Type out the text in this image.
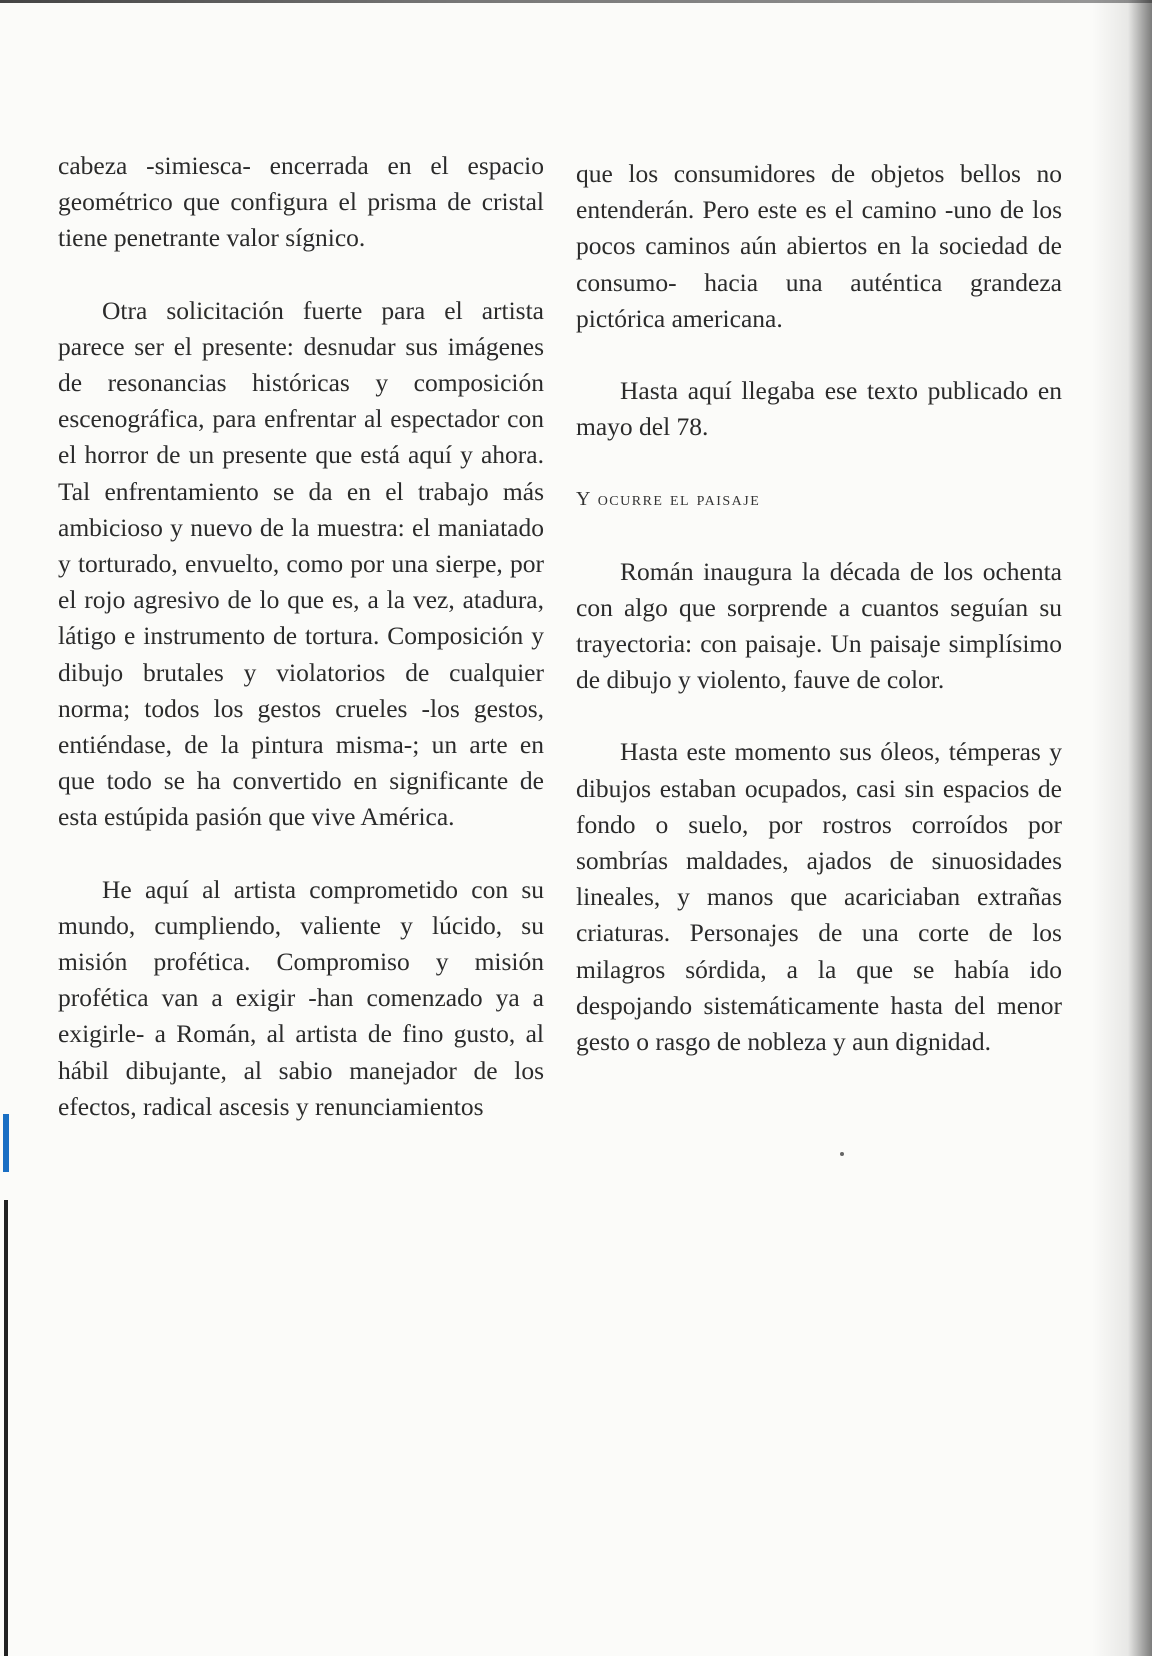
cabeza -simiesca- encerrada en el espacio geométrico que configura el prisma de cristal tiene penetrante valor sígnico.

Otra solicitación fuerte para el artista parece ser el presente: desnudar sus imágenes de resonancias históricas y composición escenográfica, para enfrentar al espectador con el horror de un presente que está aquí y ahora. Tal enfrentamiento se da en el trabajo más ambicioso y nuevo de la muestra: el maniatado y torturado, envuelto, como por una sierpe, por el rojo agresivo de lo que es, a la vez, atadura, látigo e instrumento de tortura. Composición y dibujo brutales y violatorios de cualquier norma; todos los gestos crueles -los gestos, entiéndase, de la pintura misma-; un arte en que todo se ha convertido en significante de esta estúpida pasión que vive América.

He aquí al artista comprometido con su mundo, cumpliendo, valiente y lúcido, su misión profética. Compromiso y misión profética van a exigir -han comenzado ya a exigirle- a Román, al artista de fino gusto, al hábil dibujante, al sabio manejador de los efectos, radical ascesis y renunciamientos

que los consumidores de objetos bellos no entenderán. Pero este es el camino -uno de los pocos caminos aún abiertos en la sociedad de consumo- hacia una auténtica grandeza pictórica americana.

Hasta aquí llegaba ese texto publicado en mayo del 78.

Y ocurre el paisaje

Román inaugura la década de los ochenta con algo que sorprende a cuantos seguían su trayectoria: con paisaje. Un paisaje simplísimo de dibujo y violento, fauve de color.

Hasta este momento sus óleos, témperas y dibujos estaban ocupados, casi sin espacios de fondo o suelo, por rostros corroídos por sombrías maldades, ajados de sinuosidades lineales, y manos que acariciaban extrañas criaturas. Personajes de una corte de los milagros sórdida, a la que se había ido despojando sistemáticamente hasta del menor gesto o rasgo de nobleza y aun dignidad.
